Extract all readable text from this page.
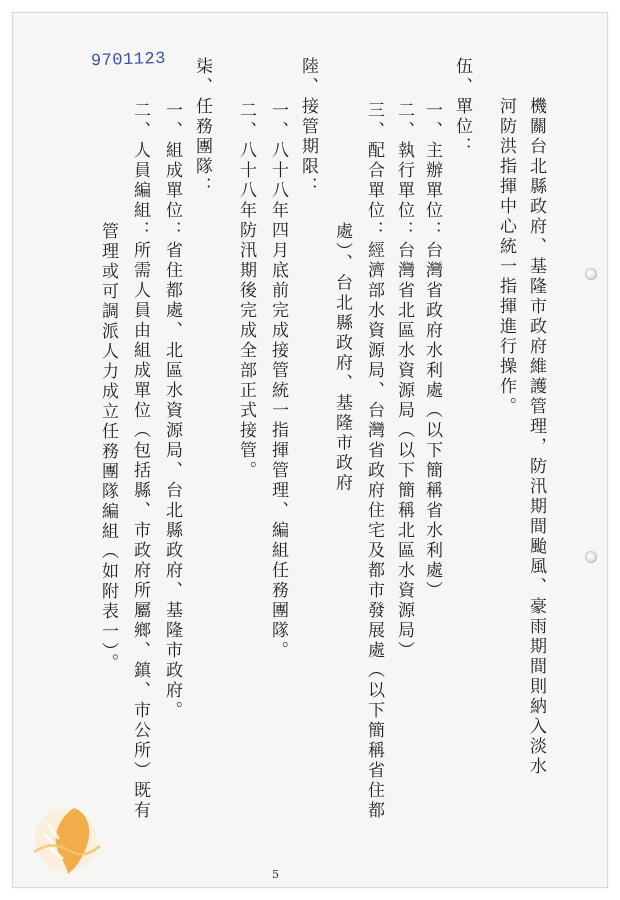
9701123
機關台北縣政府、基隆市政府維護管理，防汛期間颱風、豪雨期間則納入淡水
河防洪指揮中心統一指揮進行操作。
伍、單位：
一、主辦單位：台灣省政府水利處（以下簡稱省水利處）
二、執行單位：台灣省北區水資源局（以下簡稱北區水資源局）
三、配合單位：經濟部水資源局、台灣省政府住宅及都市發展處（以下簡稱省住都
處）、台北縣政府、基隆市政府
陸、接管期限：
一、八十八年四月底前完成接管統一指揮管理、編組任務團隊。
二、八十八年防汛期後完成全部正式接管。
柒、任務團隊：
一、組成單位：省住都處、北區水資源局、台北縣政府、基隆市政府。
二、人員編組：所需人員由組成單位（包括縣、市政府所屬鄉、鎮、市公所）既有
管理或可調派人力成立任務團隊編組（如附表一）。
5
